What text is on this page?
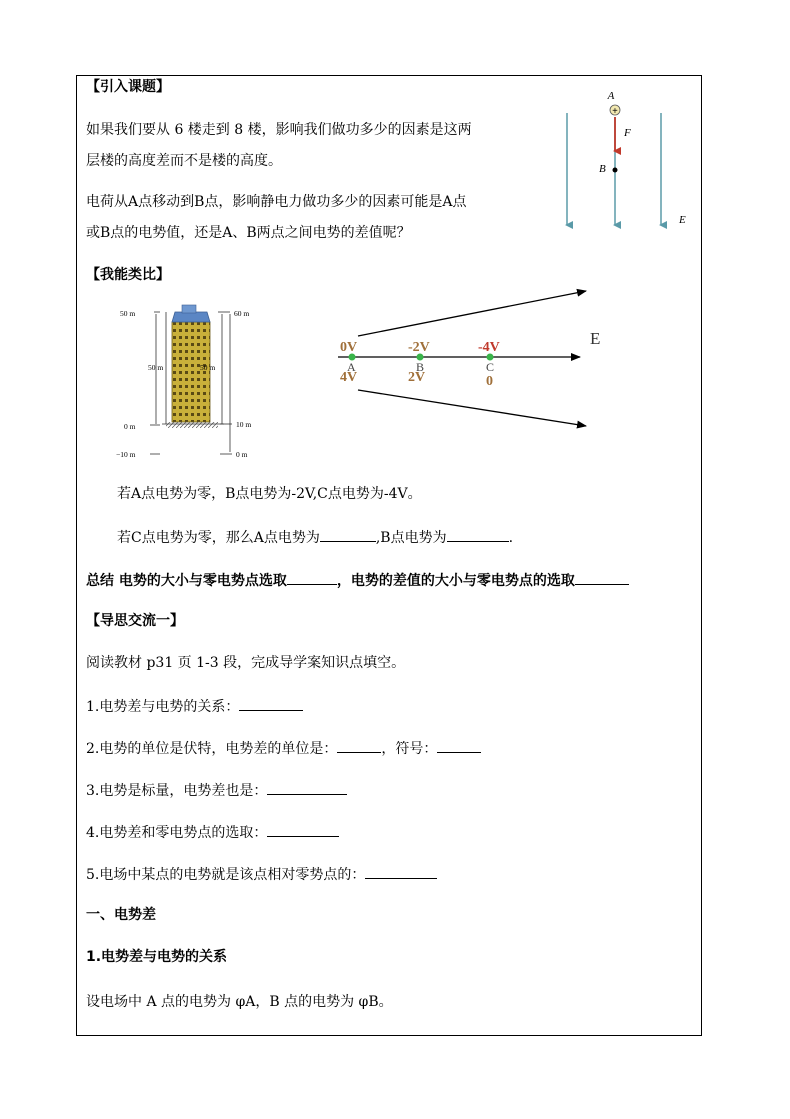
【引入课题】
如果我们要从 6 楼走到 8 楼，影响我们做功多少的因素是这两
层楼的高度差而不是楼的高度。
电荷从A点移动到B点，影响静电力做功多少的因素可能是A点
或B点的电势值，还是A、B两点之间电势的差值呢？
+
A
F
B
E
【我能类比】
50 m
50 m
0 m
−10 m
60 m
50 m
10 m
0 m
E
0V	-2V	-4V
A	B	C
4V	2V	0
若A点电势为零，B点电势为-2V,C点电势为-4V。
若C点电势为零，那么A点电势为	,B点电势为	.
总结 电势的大小与零电势点选取	，电势的差值的大小与零电势点的选取
【导思交流一】
阅读教材 p31 页 1-3 段，完成导学案知识点填空。
1.电势差与电势的关系：
2.电势的单位是伏特，电势差的单位是：	，符号：
3.电势是标量，电势差也是：
4.电势差和零电势点的选取：
5.电场中某点的电势就是该点相对零势点的：
一、电势差
1.电势差与电势的关系
设电场中 A 点的电势为 φA，B 点的电势为 φB。
